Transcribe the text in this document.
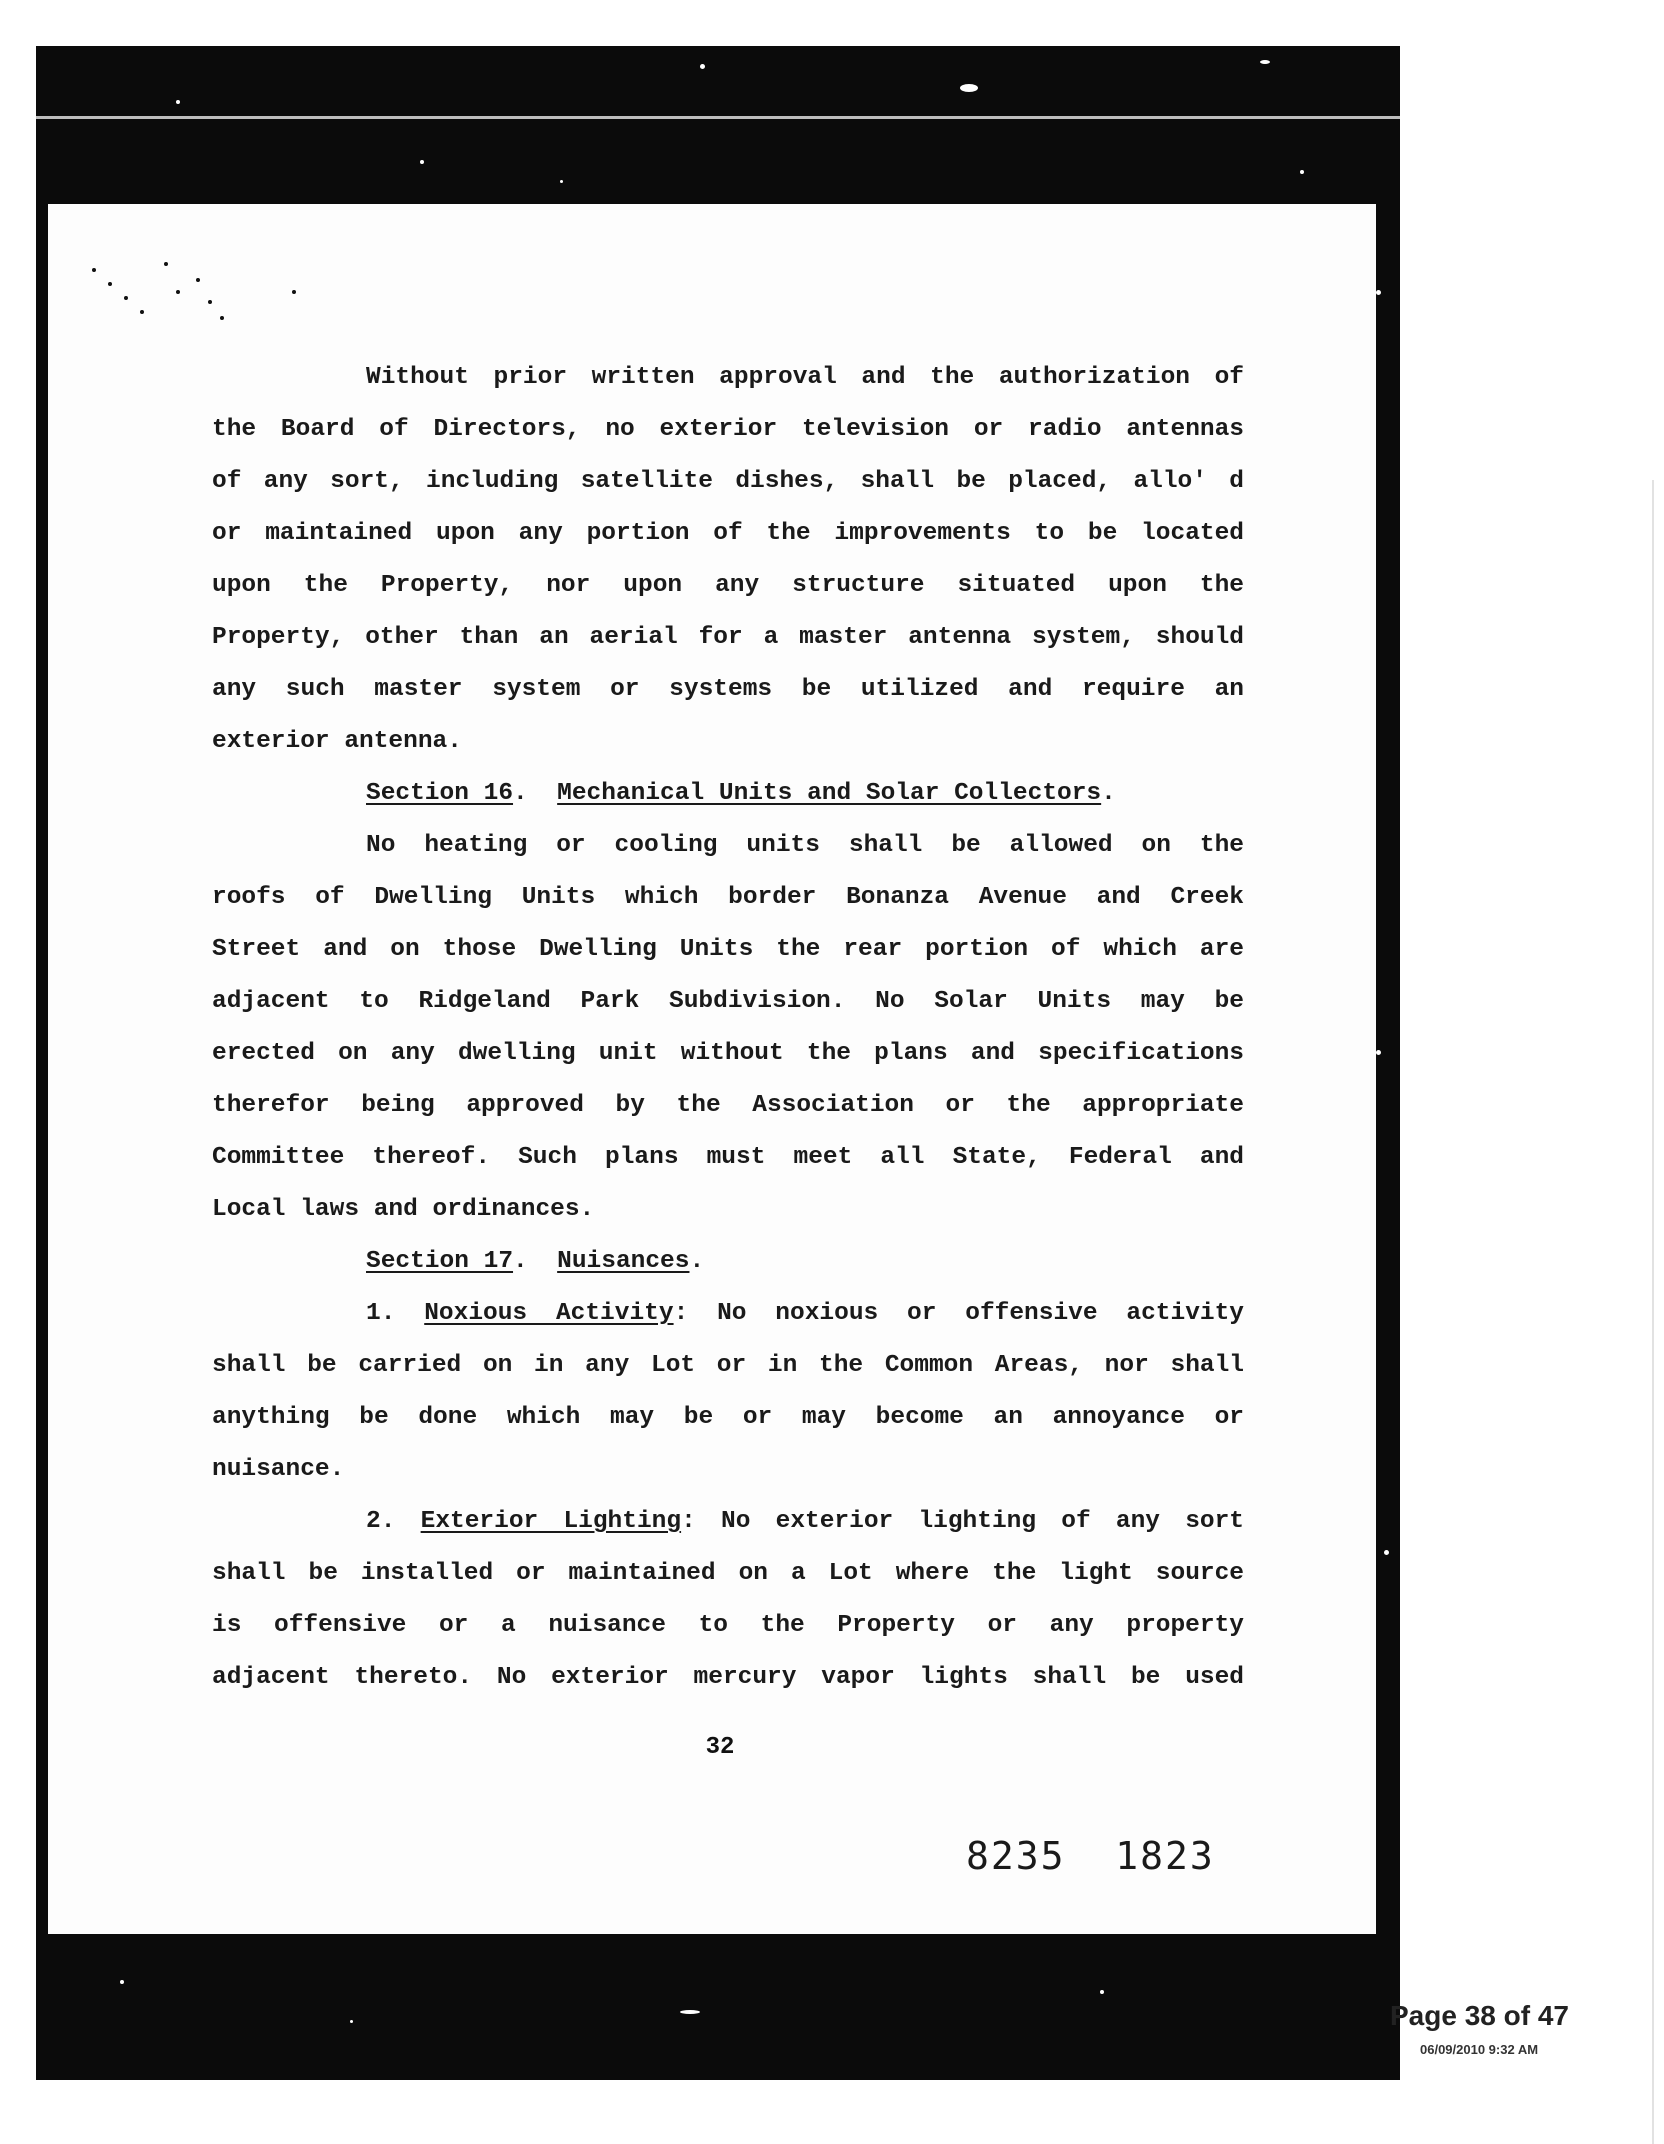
Without prior written approval and the authorization of
the Board of Directors, no exterior television or radio antennas
of any sort, including satellite dishes, shall be placed, allo' d
or maintained upon any portion of the improvements to be located
upon the Property, nor upon any structure situated upon the
Property, other than an aerial for a master antenna system, should
any such master system or systems be utilized and require an
exterior antenna.
Section 16.  Mechanical Units and Solar Collectors.
No heating or cooling units shall be allowed on the
roofs of Dwelling Units which border Bonanza Avenue and Creek
Street and on those Dwelling Units the rear portion of which are
adjacent to Ridgeland Park Subdivision. No Solar Units may be
erected on any dwelling unit without the plans and specifications
therefor being approved by the Association or the appropriate
Committee thereof. Such plans must meet all State, Federal and
Local laws and ordinances.
Section 17.  Nuisances.
1. Noxious Activity: No noxious or offensive activity
shall be carried on in any Lot or in the Common Areas, nor shall
anything be done which may be or may become an annoyance or
nuisance.
2. Exterior Lighting: No exterior lighting of any sort
shall be installed or maintained on a Lot where the light source
is offensive or a nuisance to the Property or any property
adjacent thereto. No exterior mercury vapor lights shall be used
32
8235  1823
Page 38 of 47
06/09/2010 9:32 AM
